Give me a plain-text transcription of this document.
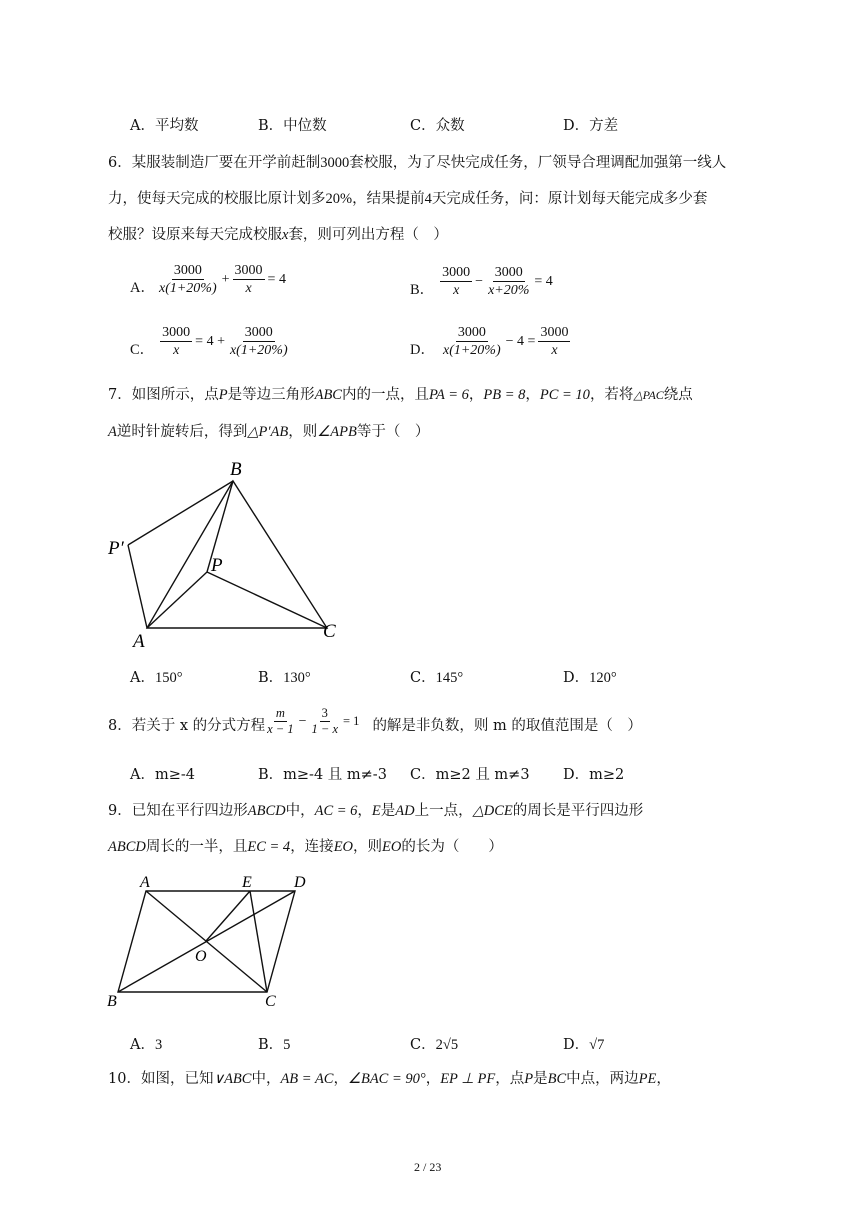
A．平均数	B．中位数	C．众数	D．方差
6．某服装制造厂要在开学前赶制3000套校服，为了尽快完成任务，厂领导合理调配加强第一线人
力，使每天完成的校服比原计划多20%，结果提前4天完成任务，问：原计划每天能完成多少套
校服？设原来每天完成校服x套，则可列出方程（　）
A． $\frac{3000}{x(1+20\%)} + \frac{3000}{x} = 4$
B． $\frac{3000}{x} - \frac{3000}{x+20\%} = 4$
C． $\frac{3000}{x} = 4 + \frac{3000}{x(1+20\%)}$	D． $\frac{3000}{x(1+20\%)} - 4 = \frac{3000}{x}$
7．如图所示，点P是等边三角形ABC内的一点，且PA = 6，PB = 8，PC = 10，若将△PAC绕点
A逆时针旋转后，得到△P′AB，则∠APB等于（　）
B
P′
P
A	C
A．150°	B．130°	C．145°	D．120°
8．若关于 x 的分式方程 $\frac{m}{x - 1} - \frac{3}{1 - x} = 1$ 的解是非负数，则 m 的取值范围是（　）
A．m≥-4	B．m≥-4 且 m≠-3 C．m≥2 且 m≠3 D．m≥2
9．已知在平行四边形ABCD中，AC = 6，E是AD上一点，△DCE的周长是平行四边形
ABCD周长的一半，且EC = 4，连接EO，则EO的长为（　　）
A	E	D
O
B	C
A．3	B．5	C．2√5	D．√7
10．如图，已知∨ABC中，AB = AC，∠BAC = 90°，EP ⊥ PF，点P是BC中点，两边PE，
2 / 23
